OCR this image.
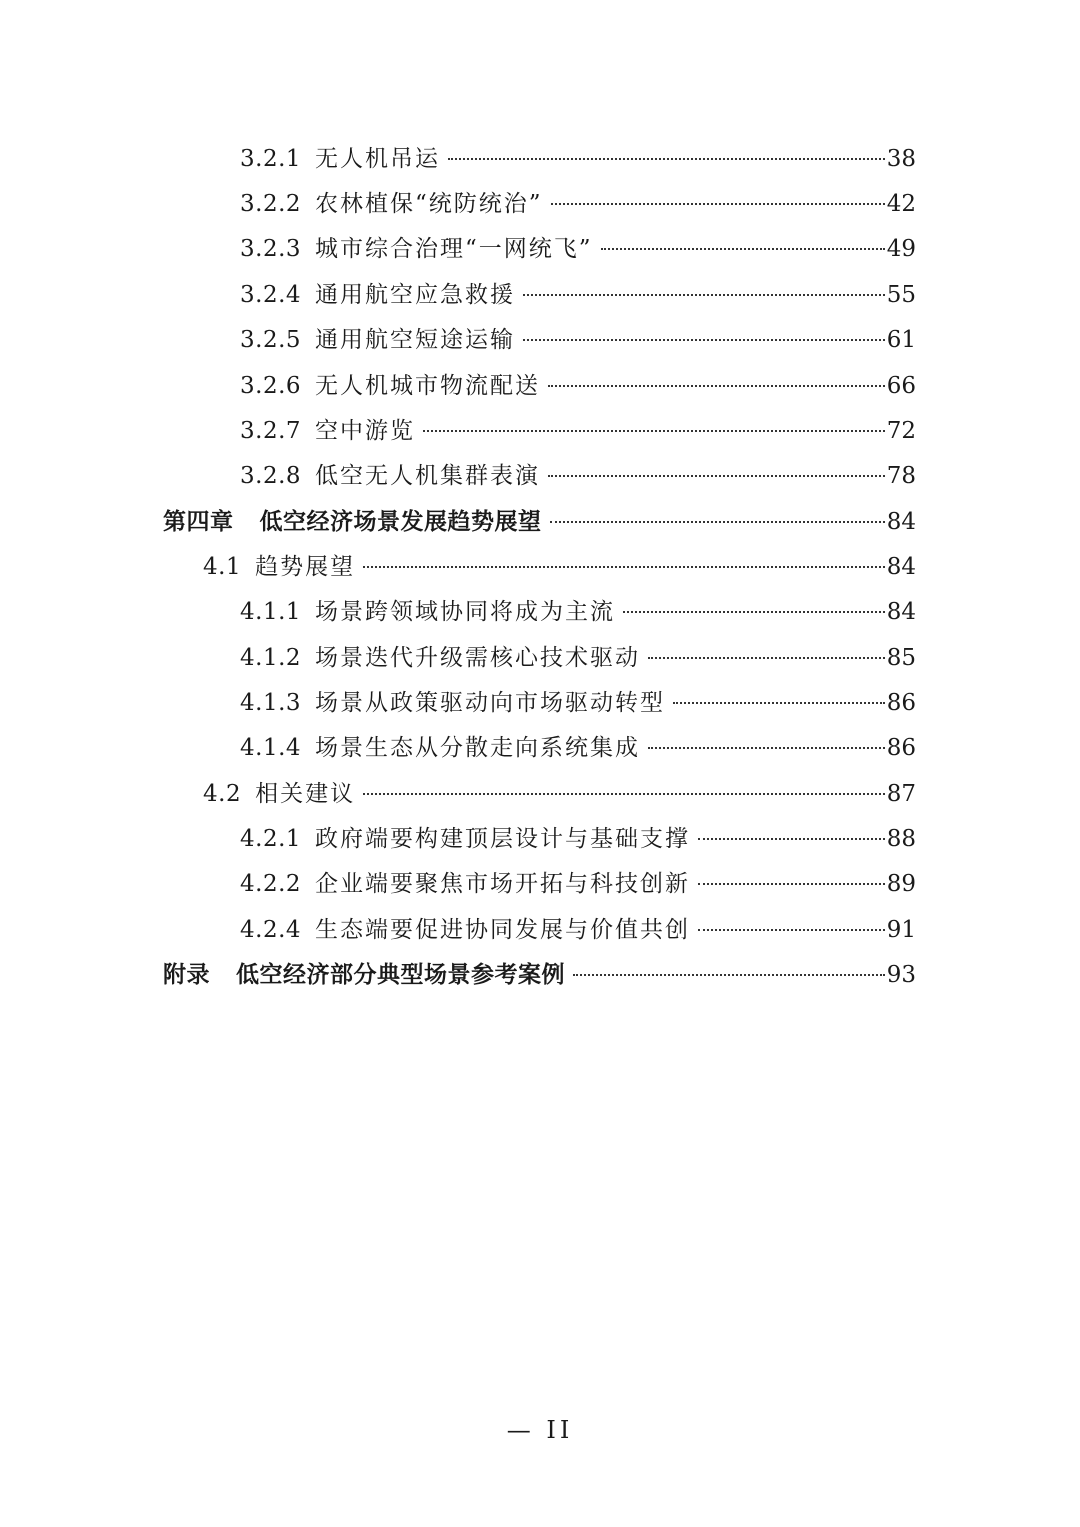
3.2.1 无人机吊运	38
3.2.2 农林植保“统防统治”	42
3.2.3 城市综合治理“一网统飞”	49
3.2.4 通用航空应急救援	55
3.2.5 通用航空短途运输	61
3.2.6 无人机城市物流配送	66
3.2.7 空中游览	72
3.2.8 低空无人机集群表演	78
第四章 低空经济场景发展趋势展望	84
4.1 趋势展望	84
4.1.1 场景跨领域协同将成为主流	84
4.1.2 场景迭代升级需核心技术驱动	85
4.1.3 场景从政策驱动向市场驱动转型	86
4.1.4 场景生态从分散走向系统集成	86
4.2 相关建议	87
4.2.1 政府端要构建顶层设计与基础支撑	88
4.2.2 企业端要聚焦市场开拓与科技创新	89
4.2.4 生态端要促进协同发展与价值共创	91
附录 低空经济部分典型场景参考案例	93
— II
